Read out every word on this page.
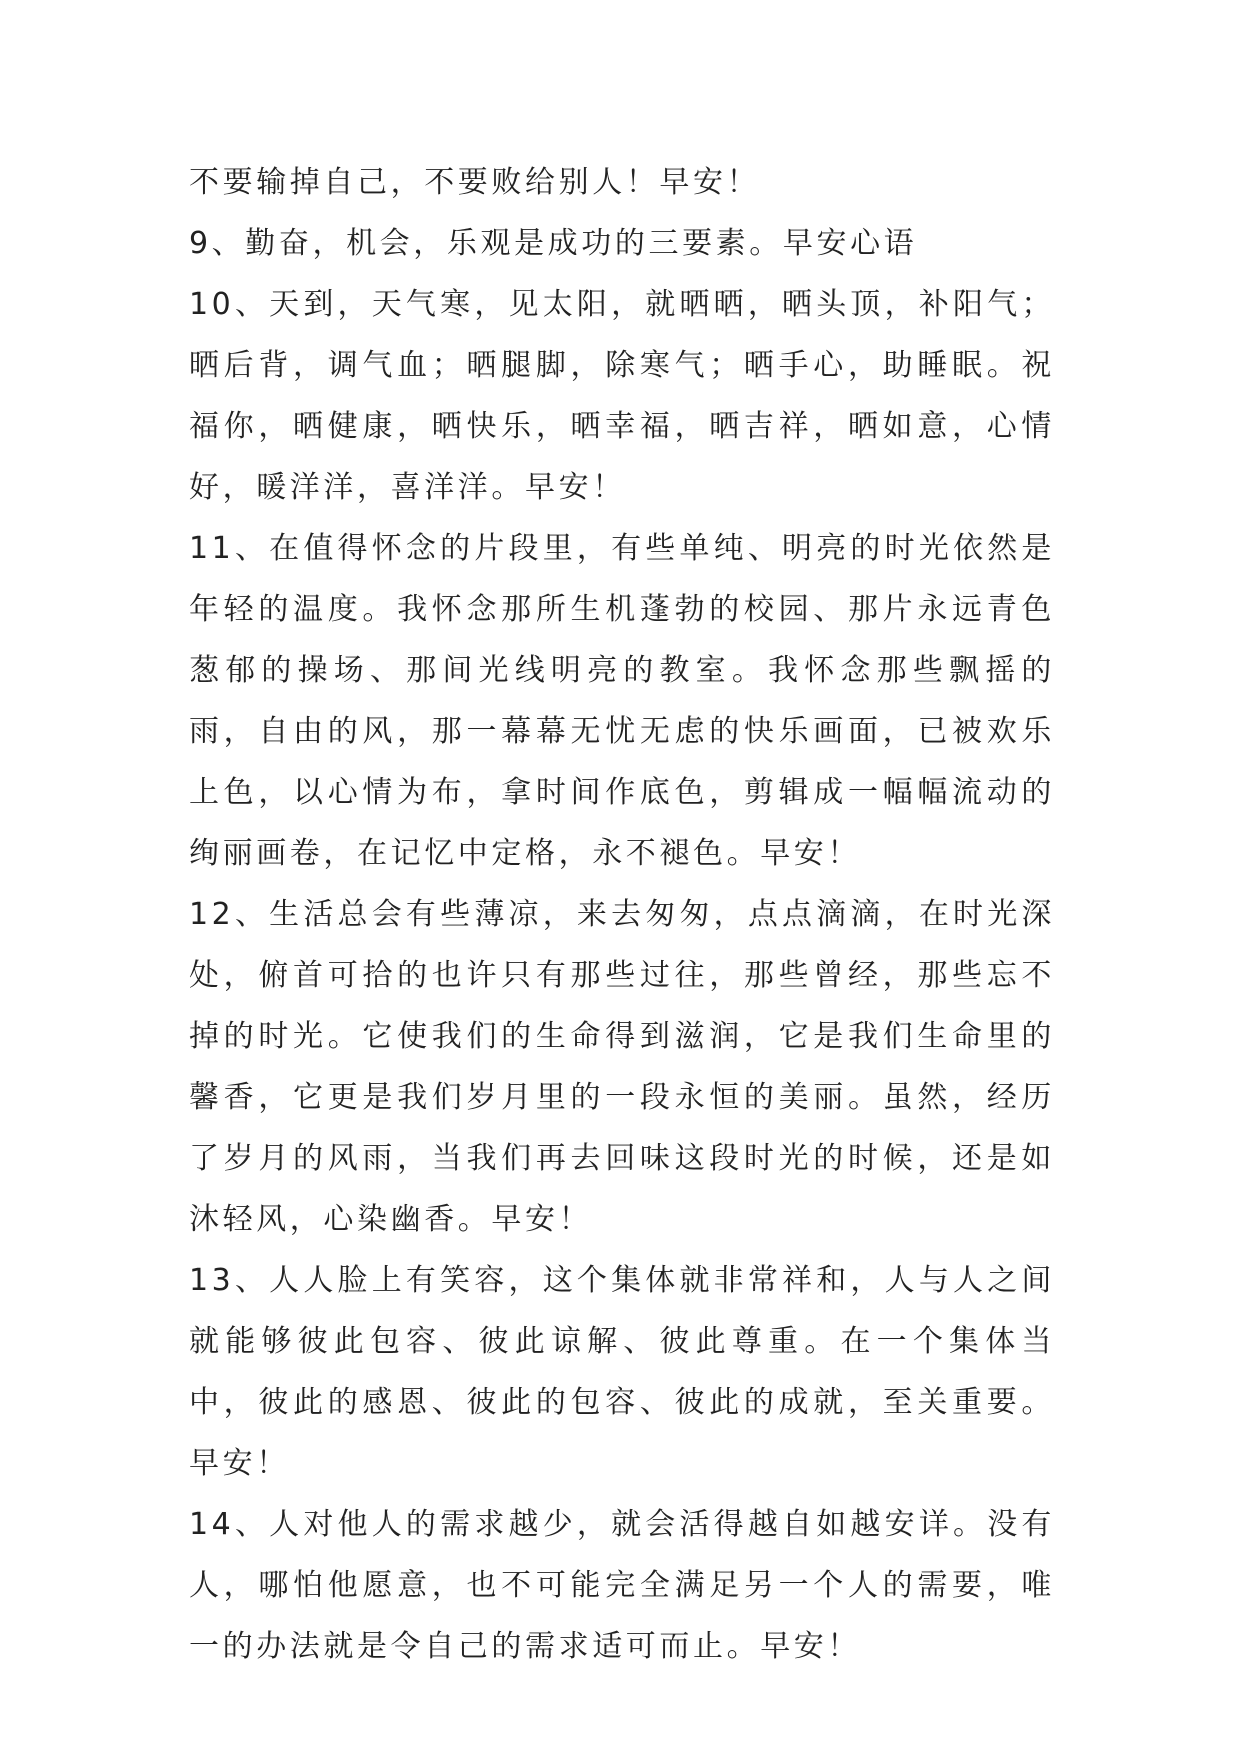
不要输掉自己，不要败给别人！早安！

9、勤奋，机会，乐观是成功的三要素。早安心语

10、天到，天气寒，见太阳，就晒晒，晒头顶，补阳气；晒后背，调气血；晒腿脚，除寒气；晒手心，助睡眠。祝福你，晒健康，晒快乐，晒幸福，晒吉祥，晒如意，心情好，暖洋洋，喜洋洋。早安！

11、在值得怀念的片段里，有些单纯、明亮的时光依然是年轻的温度。我怀念那所生机蓬勃的校园、那片永远青色葱郁的操场、那间光线明亮的教室。我怀念那些飘摇的雨，自由的风，那一幕幕无忧无虑的快乐画面，已被欢乐上色，以心情为布，拿时间作底色，剪辑成一幅幅流动的绚丽画卷，在记忆中定格，永不褪色。早安！

12、生活总会有些薄凉，来去匆匆，点点滴滴，在时光深处，俯首可拾的也许只有那些过往，那些曾经，那些忘不掉的时光。它使我们的生命得到滋润，它是我们生命里的馨香，它更是我们岁月里的一段永恒的美丽。虽然，经历了岁月的风雨，当我们再去回味这段时光的时候，还是如沐轻风，心染幽香。早安！

13、人人脸上有笑容，这个集体就非常祥和，人与人之间就能够彼此包容、彼此谅解、彼此尊重。在一个集体当中，彼此的感恩、彼此的包容、彼此的成就，至关重要。早安！

14、人对他人的需求越少，就会活得越自如越安详。没有人，哪怕他愿意，也不可能完全满足另一个人的需要，唯一的办法就是令自己的需求适可而止。早安！
